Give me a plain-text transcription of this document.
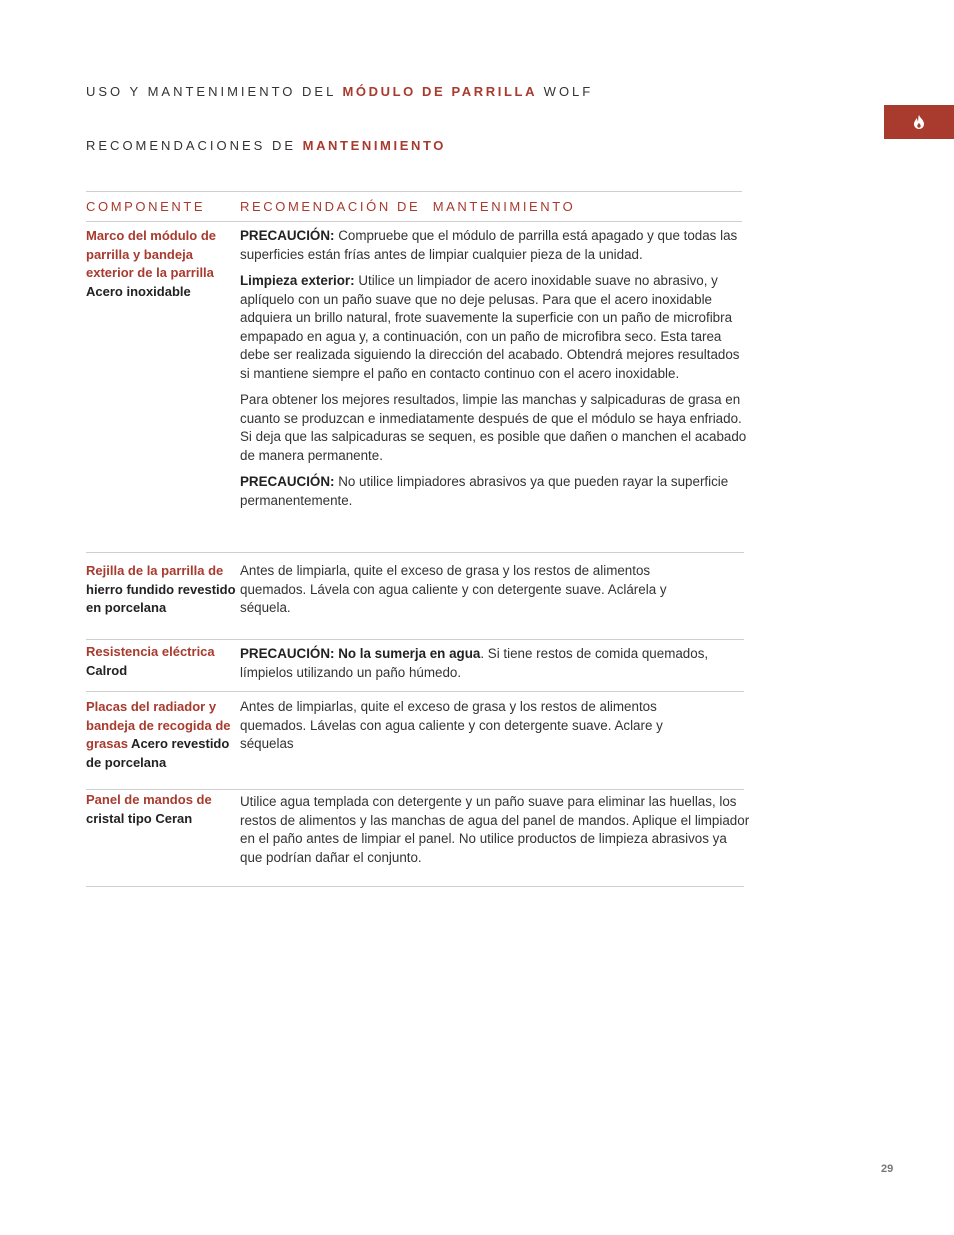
USO Y MANTENIMIENTO DEL MÓDULO DE PARRILLA WOLF
RECOMENDACIONES DE MANTENIMIENTO
COMPONENTE	RECOMENDACIÓN DE  MANTENIMIENTO
Marco del módulo de parrilla y bandeja exterior de la parrilla
Acero inoxidable

PRECAUCIÓN: Compruebe que el módulo de parrilla está apagado y que todas las superficies están frías antes de limpiar cualquier pieza de la unidad.

Limpieza exterior: Utilice un limpiador de acero inoxidable suave no abrasivo, y aplíquelo con un paño suave que no deje pelusas. Para que el acero inoxidable adquiera un brillo natural, frote suavemente la superficie con un paño de microfibra empapado en agua y, a continuación, con un paño de microfibra seco. Esta tarea debe ser realizada siguiendo la dirección del acabado. Obtendrá mejores resultados si mantiene siempre el paño en contacto continuo con el acero inoxidable.

Para obtener los mejores resultados, limpie las manchas y salpicaduras de grasa en cuanto se produzcan e inmediatamente después de que el módulo se haya enfriado. Si deja que las salpicaduras se sequen, es posible que dañen o manchen el acabado de manera permanente.

PRECAUCIÓN: No utilice limpiadores abrasivos ya que pueden rayar la superficie permanentemente.

Rejilla de la parrilla de hierro fundido revestido en porcelana
Antes de limpiarla, quite el exceso de grasa y los restos de alimentos quemados. Lávela con agua caliente y con detergente suave. Aclárela y séquela.
Resistencia eléctrica
Calrod
PRECAUCIÓN: No la sumerja en agua. Si tiene restos de comida quemados, límpielos utilizando un paño húmedo.
Placas del radiador y bandeja de recogida de grasas Acero revestido de porcelana
Antes de limpiarlas, quite el exceso de grasa y los restos de alimentos quemados. Lávelas con agua caliente y con detergente suave. Aclare y séquelas
Panel de mandos de
cristal tipo Ceran
Utilice agua templada con detergente y un paño suave para eliminar las huellas, los restos de alimentos y las manchas de agua del panel de mandos. Aplique el limpiador en el paño antes de limpiar el panel. No utilice productos de limpieza abrasivos ya que podrían dañar el conjunto.
29
